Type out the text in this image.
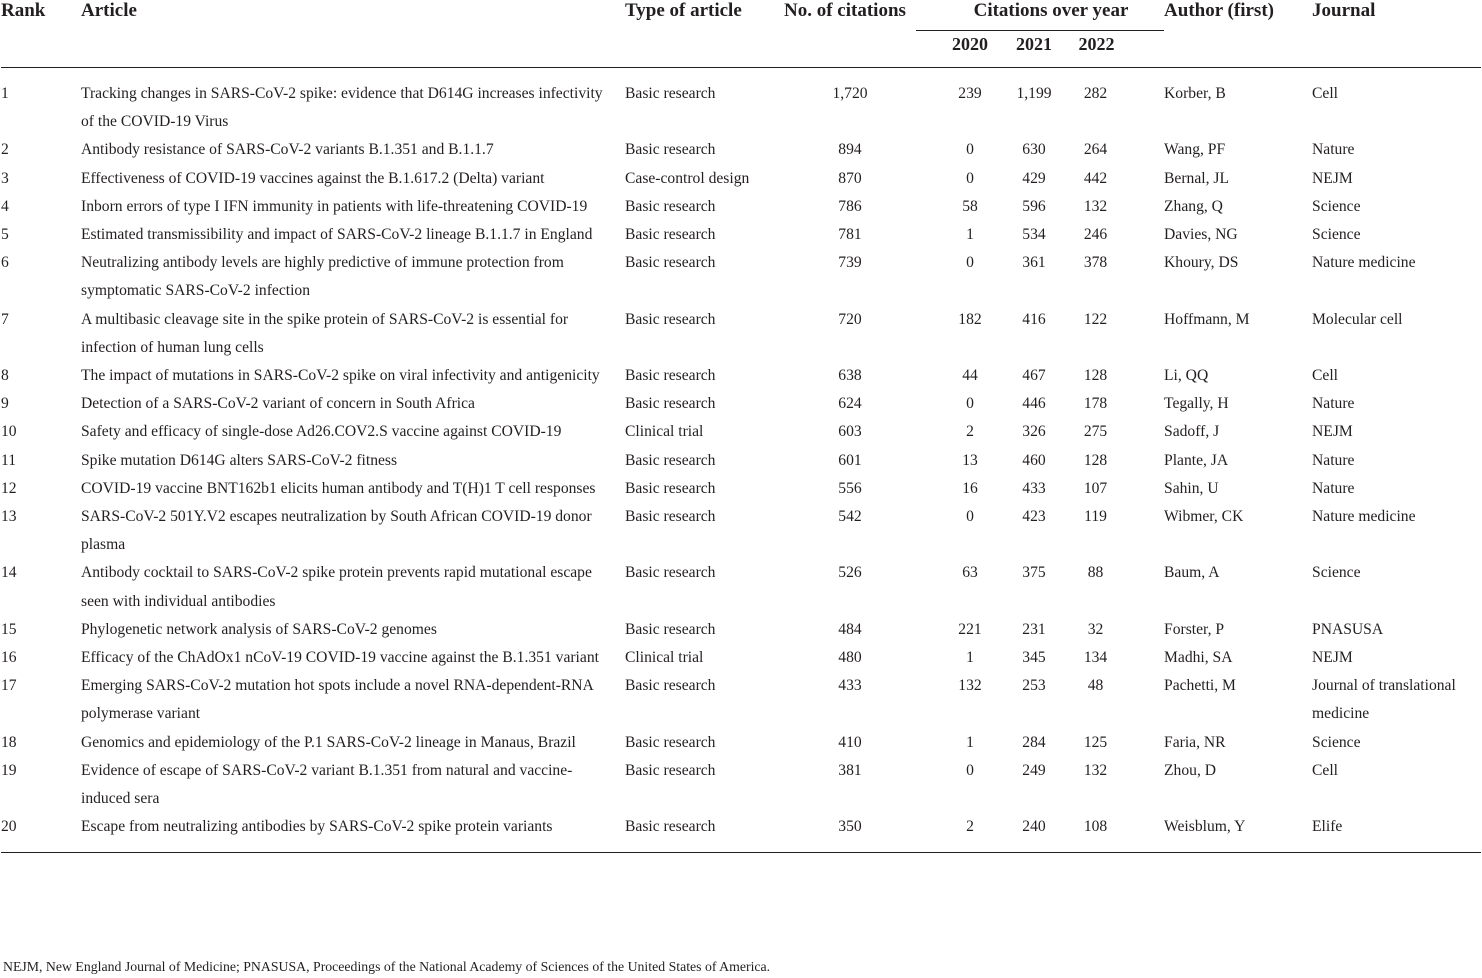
Rank	Article	Type of article	No. of citations	Citations over year			Author (first)	Journal
				2020	2021	2022		
1	Tracking changes in SARS-CoV-2 spike: evidence that D614G increases infectivity of the COVID-19 Virus	Basic research	1,720	239	1,199	282	Korber, B	Cell
2	Antibody resistance of SARS-CoV-2 variants B.1.351 and B.1.1.7	Basic research	894	0	630	264	Wang, PF	Nature
3	Effectiveness of COVID-19 vaccines against the B.1.617.2 (Delta) variant	Case-control design	870	0	429	442	Bernal, JL	NEJM
4	Inborn errors of type I IFN immunity in patients with life-threatening COVID-19	Basic research	786	58	596	132	Zhang, Q	Science
5	Estimated transmissibility and impact of SARS-CoV-2 lineage B.1.1.7 in England	Basic research	781	1	534	246	Davies, NG	Science
6	Neutralizing antibody levels are highly predictive of immune protection from symptomatic SARS-CoV-2 infection	Basic research	739	0	361	378	Khoury, DS	Nature medicine
7	A multibasic cleavage site in the spike protein of SARS-CoV-2 is essential for infection of human lung cells	Basic research	720	182	416	122	Hoffmann, M	Molecular cell
8	The impact of mutations in SARS-CoV-2 spike on viral infectivity and antigenicity	Basic research	638	44	467	128	Li, QQ	Cell
9	Detection of a SARS-CoV-2 variant of concern in South Africa	Basic research	624	0	446	178	Tegally, H	Nature
10	Safety and efficacy of single-dose Ad26.COV2.S vaccine against COVID-19	Clinical trial	603	2	326	275	Sadoff, J	NEJM
11	Spike mutation D614G alters SARS-CoV-2 fitness	Basic research	601	13	460	128	Plante, JA	Nature
12	COVID-19 vaccine BNT162b1 elicits human antibody and T(H)1 T cell responses	Basic research	556	16	433	107	Sahin, U	Nature
13	SARS-CoV-2 501Y.V2 escapes neutralization by South African COVID-19 donor plasma	Basic research	542	0	423	119	Wibmer, CK	Nature medicine
14	Antibody cocktail to SARS-CoV-2 spike protein prevents rapid mutational escape seen with individual antibodies	Basic research	526	63	375	88	Baum, A	Science
15	Phylogenetic network analysis of SARS-CoV-2 genomes	Basic research	484	221	231	32	Forster, P	PNASUSA
16	Efficacy of the ChAdOx1 nCoV-19 COVID-19 vaccine against the B.1.351 variant	Clinical trial	480	1	345	134	Madhi, SA	NEJM
17	Emerging SARS-CoV-2 mutation hot spots include a novel RNA-dependent-RNA polymerase variant	Basic research	433	132	253	48	Pachetti, M	Journal of translational medicine
18	Genomics and epidemiology of the P.1 SARS-CoV-2 lineage in Manaus, Brazil	Basic research	410	1	284	125	Faria, NR	Science
19	Evidence of escape of SARS-CoV-2 variant B.1.351 from natural and vaccine-induced sera	Basic research	381	0	249	132	Zhou, D	Cell
20	Escape from neutralizing antibodies by SARS-CoV-2 spike protein variants	Basic research	350	2	240	108	Weisblum, Y	Elife
NEJM, New England Journal of Medicine; PNASUSA, Proceedings of the National Academy of Sciences of the United States of America.
